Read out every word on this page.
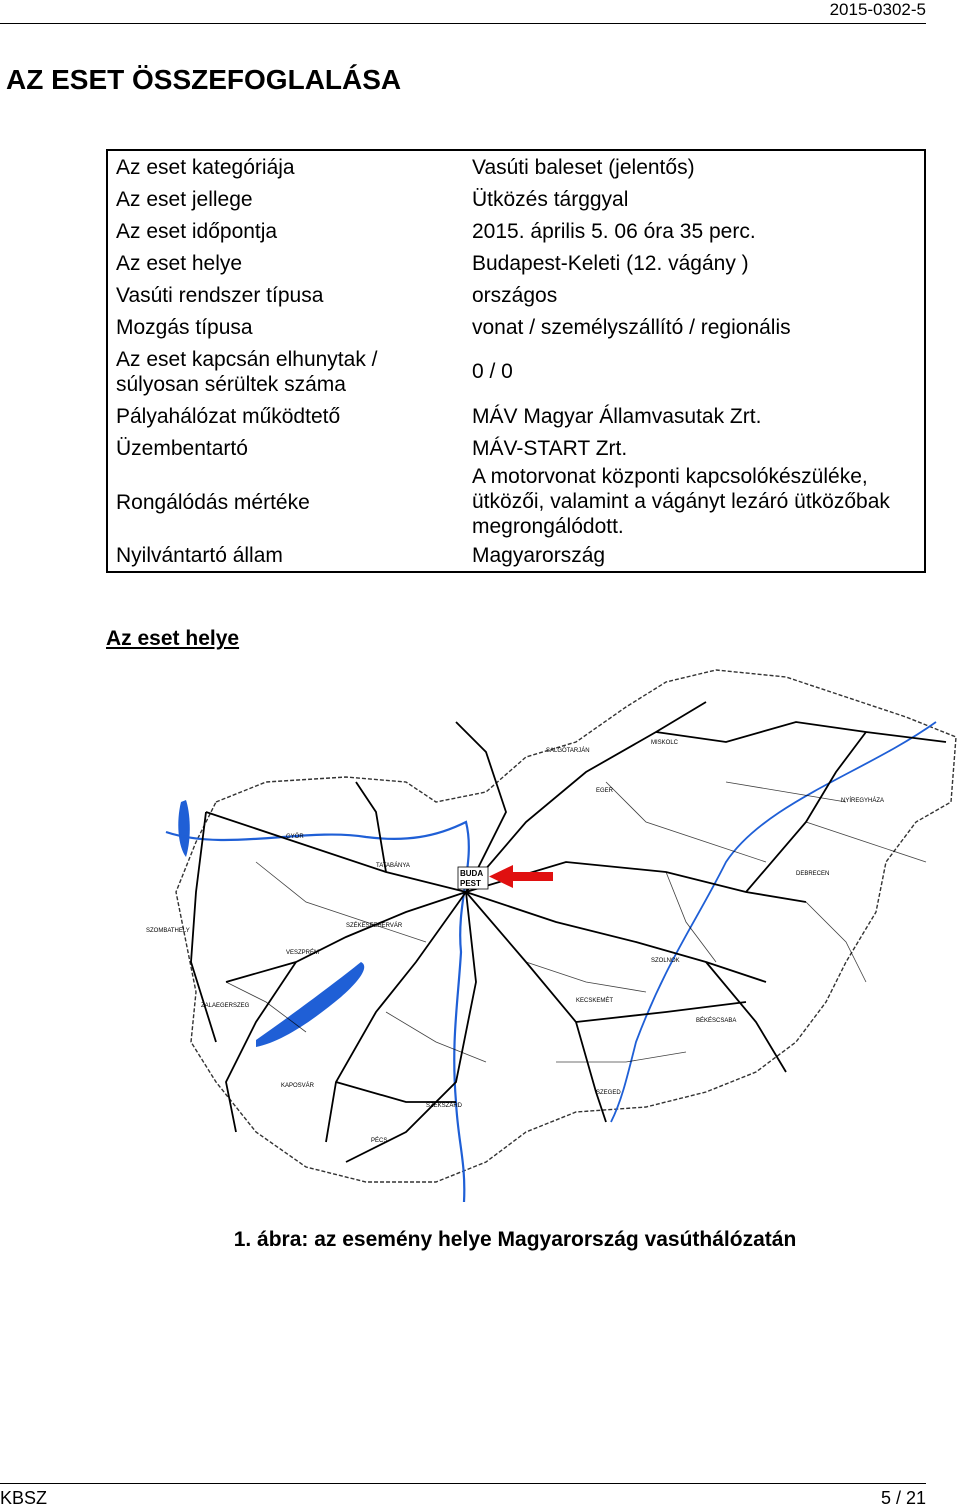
2015-0302-5
AZ ESET ÖSSZEFOGLALÁSA
Az eset kategóriája	Vasúti baleset (jelentős)
Az eset jellege	Ütközés tárggyal
Az eset időpontja	2015. április 5. 06 óra 35 perc.
Az eset helye	Budapest-Keleti (12. vágány )
Vasúti rendszer típusa	országos
Mozgás típusa	vonat / személyszállító / regionális
Az eset kapcsán elhunytak / súlyosan sérültek száma	0 / 0
Pályahálózat működtető	MÁV Magyar Államvasutak Zrt.
Üzembentartó	MÁV-START Zrt.
Rongálódás mértéke	A motorvonat központi kapcsolókészüléke, ütközői, valamint a vágányt lezáró ütközőbak megrongálódott.
Nyilvántartó állam	Magyarország
Az eset helye
GYŐR
MISKOLC
DEBRECEN
SZOMBATHELY
VESZPRÉM
SZÉKESFEHÉRVÁR
KECSKEMÉT
SZOLNOK
SZEGED
PÉCS
KAPOSVÁR
NYÍREGYHÁZA
SZEKSZÁRD
BÉKÉSCSABA
SALGÓTARJÁN
EGER
TATABÁNYA
ZALAEGERSZEG
BUDA
PEST
1. ábra: az esemény helye Magyarország vasúthálózatán
KBSZ	5 / 21
